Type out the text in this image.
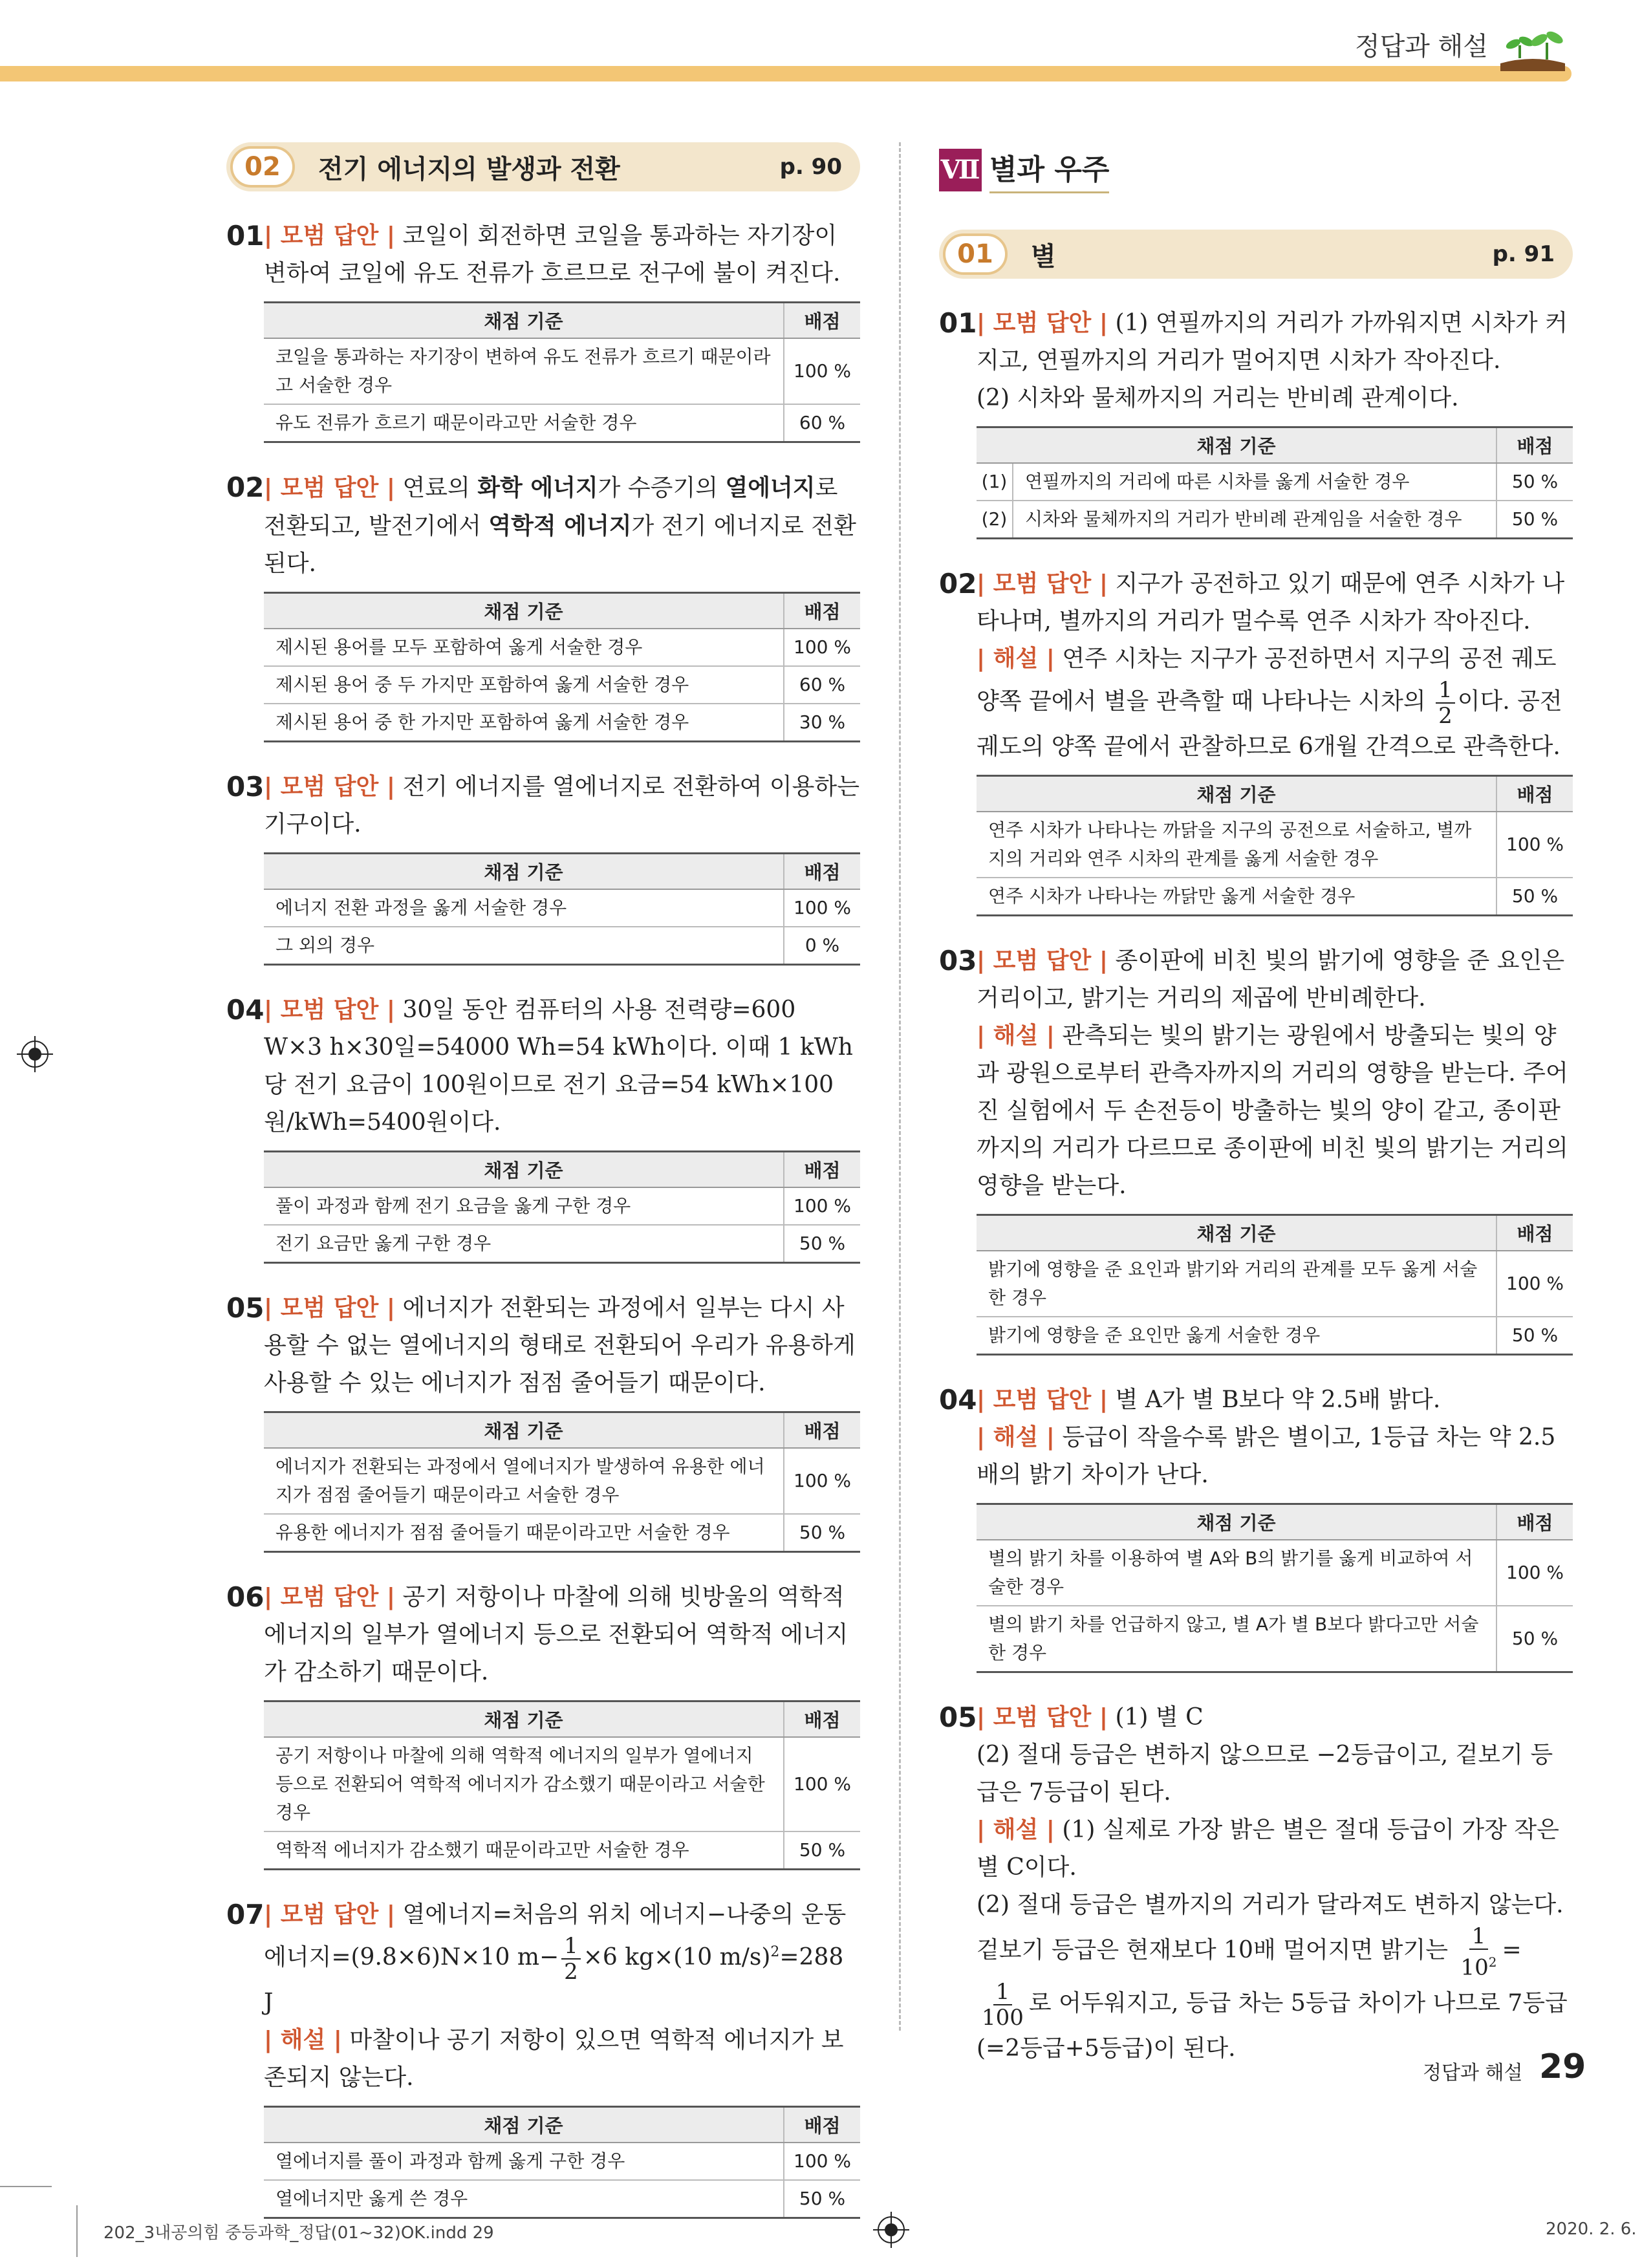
정답과 해설
02	전기 에너지의 발생과 전환	p. 90
01 | 모범 답안 | 코일이 회전하면 코일을 통과하는 자기장이 변하여 코일에 유도 전류가 흐르므로 전구에 불이 켜진다.
채점 기준	배점
코일을 통과하는 자기장이 변하여 유도 전류가 흐르기 때문이라고 서술한 경우	100 %
유도 전류가 흐르기 때문이라고만 서술한 경우	60 %
02 | 모범 답안 | 연료의 화학 에너지가 수증기의 열에너지로 전환되고, 발전기에서 역학적 에너지가 전기 에너지로 전환된다.
채점 기준	배점
제시된 용어를 모두 포함하여 옳게 서술한 경우	100 %
제시된 용어 중 두 가지만 포함하여 옳게 서술한 경우	60 %
제시된 용어 중 한 가지만 포함하여 옳게 서술한 경우	30 %
03 | 모범 답안 | 전기 에너지를 열에너지로 전환하여 이용하는 기구이다.
채점 기준	배점
에너지 전환 과정을 옳게 서술한 경우	100 %
그 외의 경우	0 %
04 | 모범 답안 | 30일 동안 컴퓨터의 사용 전력량=600 W×3 h×30일=54000 Wh=54 kWh이다. 이때 1 kWh당 전기 요금이 100원이므로 전기 요금=54 kWh×100원/kWh=5400원이다.
채점 기준	배점
풀이 과정과 함께 전기 요금을 옳게 구한 경우	100 %
전기 요금만 옳게 구한 경우	50 %
05 | 모범 답안 | 에너지가 전환되는 과정에서 일부는 다시 사용할 수 없는 열에너지의 형태로 전환되어 우리가 유용하게 사용할 수 있는 에너지가 점점 줄어들기 때문이다.
채점 기준	배점
에너지가 전환되는 과정에서 열에너지가 발생하여 유용한 에너지가 점점 줄어들기 때문이라고 서술한 경우	100 %
유용한 에너지가 점점 줄어들기 때문이라고만 서술한 경우	50 %
06 | 모범 답안 | 공기 저항이나 마찰에 의해 빗방울의 역학적 에너지의 일부가 열에너지 등으로 전환되어 역학적 에너지가 감소하기 때문이다.
채점 기준	배점
공기 저항이나 마찰에 의해 역학적 에너지의 일부가 열에너지 등으로 전환되어 역학적 에너지가 감소했기 때문이라고 서술한 경우	100 %
역학적 에너지가 감소했기 때문이라고만 서술한 경우	50 %
07 | 모범 답안 | 열에너지=처음의 위치 에너지−나중의 운동 에너지=(9.8×6)N×10 $m- \frac{1}{2} \times 6$ kg×(10 m/s)$^2$=288 J
| 해설 | 마찰이나 공기 저항이 있으면 역학적 에너지가 보존되지 않는다.
채점 기준	배점
열에너지를 풀이 과정과 함께 옳게 구한 경우	100 %
열에너지만 옳게 쓴 경우	50 %
Ⅶ 별과 우주
01	별	p. 91
01 | 모범 답안 | (1) 연필까지의 거리가 가까워지면 시차가 커지고, 연필까지의 거리가 멀어지면 시차가 작아진다.
(2) 시차와 물체까지의 거리는 반비례 관계이다.
채점 기준		배점
(1)	연필까지의 거리에 따른 시차를 옳게 서술한 경우	50 %
(2)	시차와 물체까지의 거리가 반비례 관계임을 서술한 경우	50 %
02 | 모범 답안 | 지구가 공전하고 있기 때문에 연주 시차가 나타나며, 별까지의 거리가 멀수록 연주 시차가 작아진다.
| 해설 | 연주 시차는 지구가 공전하면서 지구의 공전 궤도 양쪽 끝에서 별을 관측할 때 나타나는 시차의 $\frac{1}{2}$ 이다. 공전 궤도의 양쪽 끝에서 관찰하므로 6개월 간격으로 관측한다.
채점 기준	배점
연주 시차가 나타나는 까닭을 지구의 공전으로 서술하고, 별까지의 거리와 연주 시차의 관계를 옳게 서술한 경우	100 %
연주 시차가 나타나는 까닭만 옳게 서술한 경우	50 %
03 | 모범 답안 | 종이판에 비친 빛의 밝기에 영향을 준 요인은 거리이고, 밝기는 거리의 제곱에 반비례한다.
| 해설 | 관측되는 빛의 밝기는 광원에서 방출되는 빛의 양과 광원으로부터 관측자까지의 거리의 영향을 받는다. 주어진 실험에서 두 손전등이 방출하는 빛의 양이 같고, 종이판까지의 거리가 다르므로 종이판에 비친 빛의 밝기는 거리의 영향을 받는다.
채점 기준	배점
밝기에 영향을 준 요인과 밝기와 거리의 관계를 모두 옳게 서술한 경우	100 %
밝기에 영향을 준 요인만 옳게 서술한 경우	50 %
04 | 모범 답안 | 별 A가 별 B보다 약 2.5배 밝다.
| 해설 | 등급이 작을수록 밝은 별이고, 1등급 차는 약 2.5배의 밝기 차이가 난다.
채점 기준	배점
별의 밝기 차를 이용하여 별 A와 B의 밝기를 옳게 비교하여 서술한 경우	100 %
별의 밝기 차를 언급하지 않고, 별 A가 별 B보다 밝다고만 서술한 경우	50 %
05 | 모범 답안 | (1) 별 C
(2) 절대 등급은 변하지 않으므로 −2등급이고, 겉보기 등급은 7등급이 된다.
| 해설 | (1) 실제로 가장 밝은 별은 절대 등급이 가장 작은 별 C이다.
(2) 절대 등급은 별까지의 거리가 달라져도 변하지 않는다. 겉보기 등급은 현재보다 10배 멀어지면 밝기는 $\frac{1}{10^2}$ =
$\frac{1}{100}$ 로 어두워지고, 등급 차는 5등급 차이가 나므로 7등급(=2등급+5등급)이 된다.
정답과 해설 29
202_3내공의힘 중등과학_정답(01~32)OK.indd 29	2020. 2. 6.
